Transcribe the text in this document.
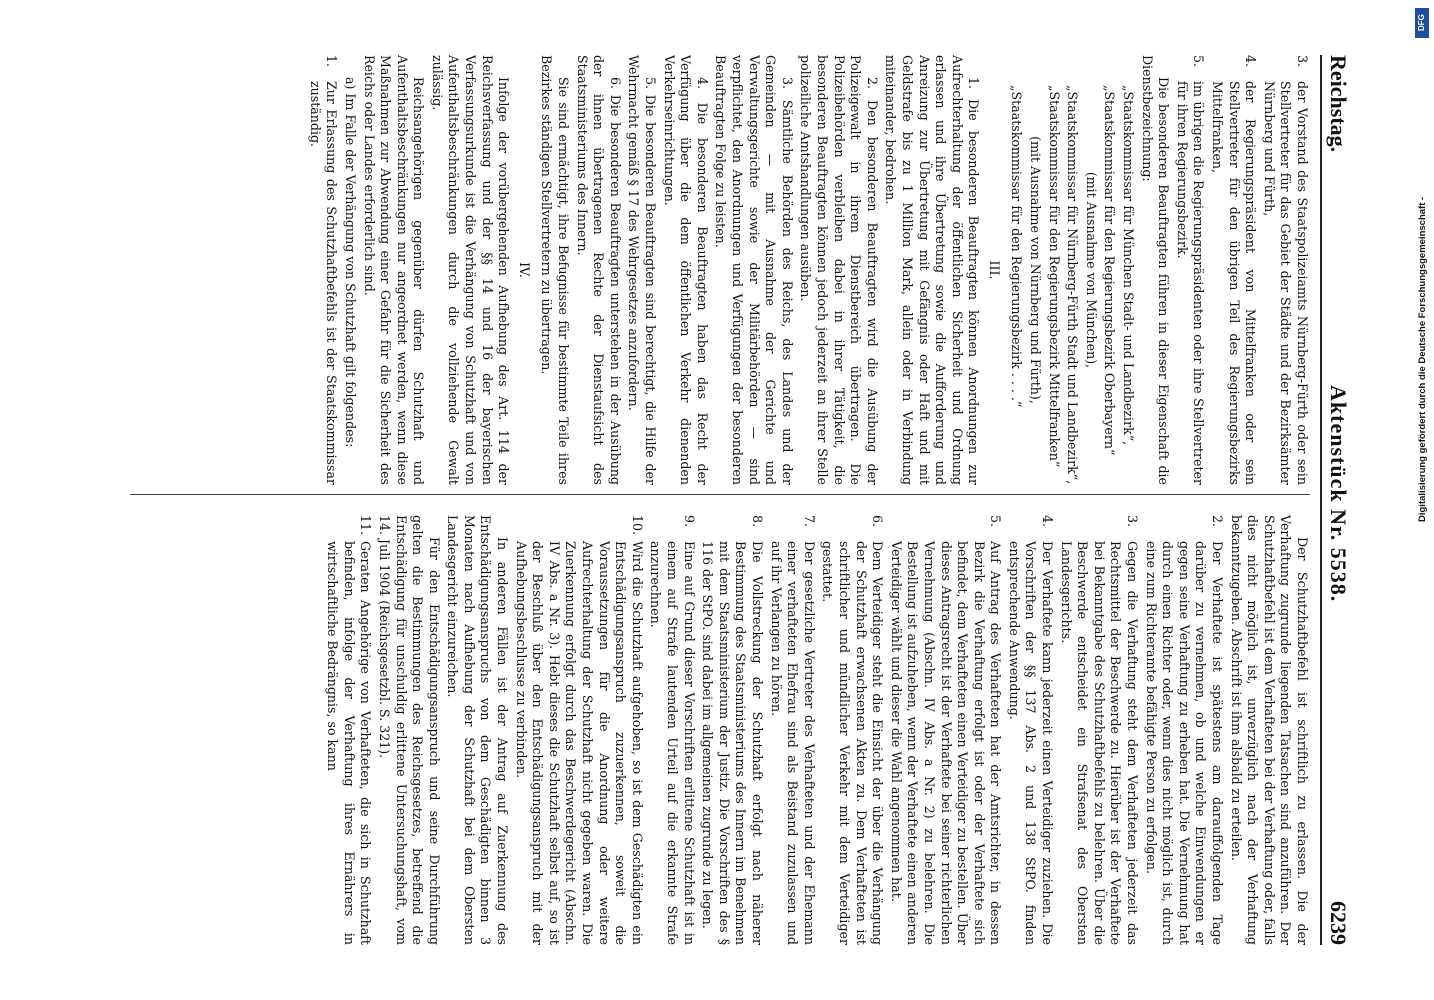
Reichstag.
Aktenstück Nr. 5538.
6239
3.der Vorstand des Staatspolizeiamts Nürnberg-Fürth oder sein Stellvertreter für das Gebiet der Städte und der Bezirksämter Nürnberg und Fürth,
4.der Regierungspräsident von Mittelfranken oder sein Stellvertreter für den übrigen Teil des Regierungsbezirks Mittelfranken,
5.im übrigen die Regierungspräsidenten oder ihre Stellvertreter für ihren Regierungsbezirk.

Die besonderen Beauftragten führen in dieser Eigenschaft die Dienstbezeichnung:

„Staatskommissar für München Stadt- und Landbezirk“,

„Staatskommissar für den Regierungsbezirk Oberbayern“

(mit Ausnahme von München),

„Staatskommissar für Nürnberg-Fürth Stadt und Landbezirk“,

„Staatskommissar für den Regierungsbezirk Mittelfranken“

(mit Ausnahme von Nürnberg und Fürth),

„Staatskommissar für den Regierungsbezirk . . . .“

III.

1. Die besonderen Beauftragten können Anordnungen zur Aufrechterhaltung der öffentlichen Sicherheit und Ordnung erlassen und ihre Übertretung sowie die Aufforderung und Anreizung zur Übertretung mit Gefängnis oder Haft und mit Geldstrafe bis zu 1 Million Mark, allein oder in Verbindung miteinander, bedrohen.

2. Den besonderen Beauftragten wird die Ausübung der Polizeigewalt in ihrem Dienstbereich übertragen. Die Polizeibehörden verbleiben dabei in ihrer Tätigkeit, die besonderen Beauftragten können jedoch jederzeit an ihrer Stelle polizeiliche Amtshandlungen ausüben.

3. Sämtliche Behörden des Reichs, des Landes und der Gemeinden — mit Ausnahme der Gerichte und Verwaltungsgerichte sowie der Militärbehörden — sind verpflichtet, den Anordnungen und Verfügungen der besonderen Beauftragten Folge zu leisten.

4. Die besonderen Beauftragten haben das Recht der Verfügung über die dem öffentlichen Verkehr dienenden Verkehrseinrichtungen.

5. Die besonderen Beauftragten sind berechtigt, die Hilfe der Wehrmacht gemäß § 17 des Wehrgesetzes anzufordern.

6. Die besonderen Beauftragten unterstehen in der Ausübung der ihnen übertragenen Rechte der Dienstaufsicht des Staatsministeriums des Innern.

Sie sind ermächtigt, ihre Befugnisse für bestimmte Teile ihres Bezirkes ständigen Stellvertretern zu übertragen.

IV.

Infolge der vorübergehenden Aufhebung des Art. 114 der Reichsverfassung und der §§ 14 und 16 der bayerischen Verfassungsurkunde ist die Verhängung von Schutzhaft und von Aufenthaltsbeschränkungen durch die vollziehende Gewalt zulässig.

Reichsangehörigen gegenüber dürfen Schutzhaft und Aufenthaltsbeschränkungen nur angeordnet werden, wenn diese Maßnahmen zur Abwendung einer Gefahr für die Sicherheit des Reichs oder Landes erforderlich sind.

a) Im Falle der Verhängung von Schutzhaft gilt folgendes:

1.Zur Erlassung des Schutzhaftbefehls ist der Staatskommissar zuständig.

Der Schutzhaftbefehl ist schriftlich zu erlassen. Die der Verhaftung zugrunde liegenden Tatsachen sind anzuführen. Der Schutzhaftbefehl ist dem Verhafteten bei der Verhaftung oder, falls dies nicht möglich ist, unverzüglich nach der Verhaftung bekanntzugeben. Abschrift ist ihm alsbald zu erteilen.

2.Der Verhaftete ist spätestens am darauffolgenden Tage darüber zu vernehmen, ob und welche Einwendungen er gegen seine Verhaftung zu erheben hat. Die Vernehmung hat durch einen Richter oder, wenn dies nicht möglich ist, durch eine zum Richteramte befähigte Person zu erfolgen.
3.Gegen die Verhaftung steht dem Verhafteten jederzeit das Rechtsmittel der Beschwerde zu. Hierüber ist der Verhaftete bei Bekanntgabe des Schutzhaftbefehls zu belehren. Über die Beschwerde entscheidet ein Strafsenat des Obersten Landesgerichts.
4.Der Verhaftete kann jederzeit einen Verteidiger zuziehen. Die Vorschriften der §§ 137 Abs. 2 und 138 StPO. finden entsprechende Anwendung.
5.Auf Antrag des Verhafteten hat der Amtsrichter, in dessen Bezirk die Verhaftung erfolgt ist oder der Verhaftete sich befindet, dem Verhafteten einen Verteidiger zu bestellen. Über dieses Antragsrecht ist der Verhaftete bei seiner richterlichen Vernehmung (Abschn. IV Abs. a Nr. 2) zu belehren. Die Bestellung ist aufzuheben, wenn der Verhaftete einen anderen Verteidiger wählt und dieser die Wahl angenommen hat.
6.Dem Verteidiger steht die Einsicht der über die Verhängung der Schutzhaft erwachsenen Akten zu. Dem Verhafteten ist schriftlicher und mündlicher Verkehr mit dem Verteidiger gestattet.
7.Der gesetzliche Vertreter des Verhafteten und der Ehemann einer verhafteten Ehefrau sind als Beistand zuzulassen und auf ihr Verlangen zu hören.
8.Die Vollstreckung der Schutzhaft erfolgt nach näherer Bestimmung des Staatsministeriums des Innern im Benehmen mit dem Staatsministerium der Justiz. Die Vorschriften des § 116 der StPO. sind dabei im allgemeinen zugrunde zu legen.
9.Eine auf Grund dieser Vorschriften erlittene Schutzhaft ist in einem auf Strafe lautenden Urteil auf die erkannte Strafe anzurechnen.
10.Wird die Schutzhaft aufgehoben, so ist dem Geschädigten ein Entschädigungsanspruch zuzuerkennen, soweit die Voraussetzungen für die Anordnung oder weitere Aufrechterhaltung der Schutzhaft nicht gegeben waren. Die Zuerkennung erfolgt durch das Beschwerdegericht (Abschn. IV Abs. a Nr. 3). Hebt dieses die Schutzhaft selbst auf, so ist der Beschluß über den Entschädigungsanspruch mit der Aufhebungsbeschlusse zu verbinden.

In anderen Fällen ist der Antrag auf Zuerkennung des Entschädigungsanspruchs von dem Geschädigten binnen 3 Monaten nach Aufhebung der Schutzhaft bei dem Obersten Landesgericht einzureichen.

Für den Entschädigungsanspruch und seine Durchführung gelten die Bestimmungen des Reichsgesetzes, betreffend die Entschädigung für unschuldig erlittene Untersuchungshaft, vom 14. Juli 1904 (Reichsgesetzbl. S. 321).

11.Geraten Angehörige von Verhafteten, die sich in Schutzhaft befinden, infolge der Verhaftung ihres Ernährers in wirtschaftliche Bedrängnis, so kann
DFG
Digitalisierung gefördert durch die Deutsche Forschungsgemeinschaft -
